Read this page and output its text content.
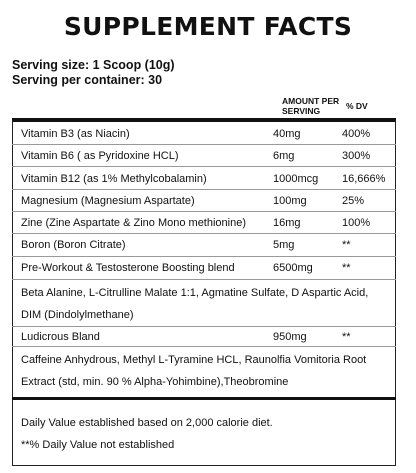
SUPPLEMENT FACTS
Serving size: 1 Scoop (10g)
Serving per container: 30
AMOUNT PER
SERVING	% DV
Vitamin B3 (as Niacin)	40mg	400%
Vitamin B6 ( as Pyridoxine HCL)	6mg	300%
Vitamin B12 (as 1% Methylcobalamin)	1000mcg 16,666%
Magnesium (Magnesium Aspartate)	100mg	25%
Zine (Zine Aspartate & Zino Mono methionine) 16mg	100%
Boron (Boron Citrate)	5mg	**
Pre-Workout & Testosterone Boosting blend	6500mg	**
Beta Alanine, L-Citrulline Malate 1:1, Agmatine Sulfate, D Aspartic Acid,
DIM (Dindolylmethane)
Ludicrous Bland	950mg	**
Caffeine Anhydrous, Methyl L-Tyramine HCL, Raunolfia Vomitoria Root
Extract (std, min. 90 % Alpha-Yohimbine),Theobromine
Daily Value established based on 2,000 calorie diet.
**% Daily Value not established
